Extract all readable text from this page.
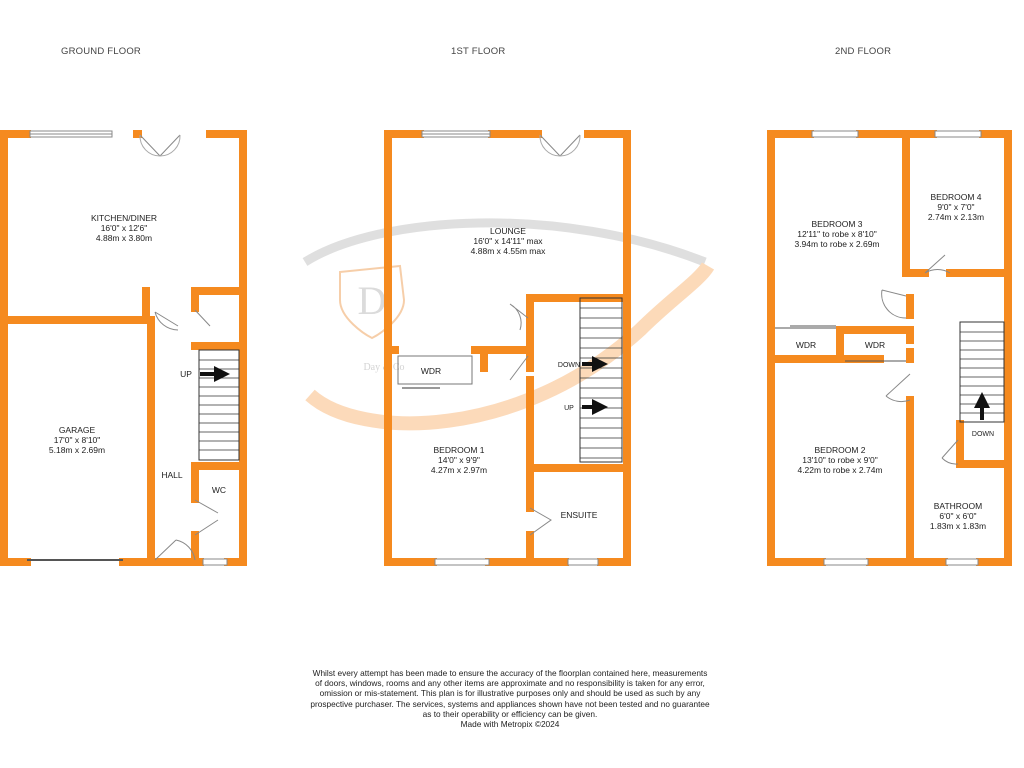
GROUND FLOOR	1ST FLOOR	2ND FLOOR
D
Day & Co
UP
KITCHEN/DINER
16'0" x 12'6"
4.88m x 3.80m
GARAGE
17'0" x 8'10"
5.18m x 2.69m
HALL
WC
DOWN
UP
LOUNGE
16'0" x 14'11" max
4.88m x 4.55m max
WDR
BEDROOM 1
14'0" x 9'9"
4.27m x 2.97m
ENSUITE
DOWN
BEDROOM 3
12'11" to robe x 8'10"
3.94m to robe x 2.69m
BEDROOM 4
9'0" x 7'0"
2.74m x 2.13m
WDR	WDR
BEDROOM 2
13'10" to robe x 9'0"
4.22m to robe x 2.74m
BATHROOM
6'0" x 6'0"
1.83m x 1.83m
Whilst every attempt has been made to ensure the accuracy of the floorplan contained here, measurements
of doors, windows, rooms and any other items are approximate and no responsibility is taken for any error,
omission or mis-statement. This plan is for illustrative purposes only and should be used as such by any
prospective purchaser. The services, systems and appliances shown have not been tested and no guarantee
as to their operability or efficiency can be given.
Made with Metropix ©2024
